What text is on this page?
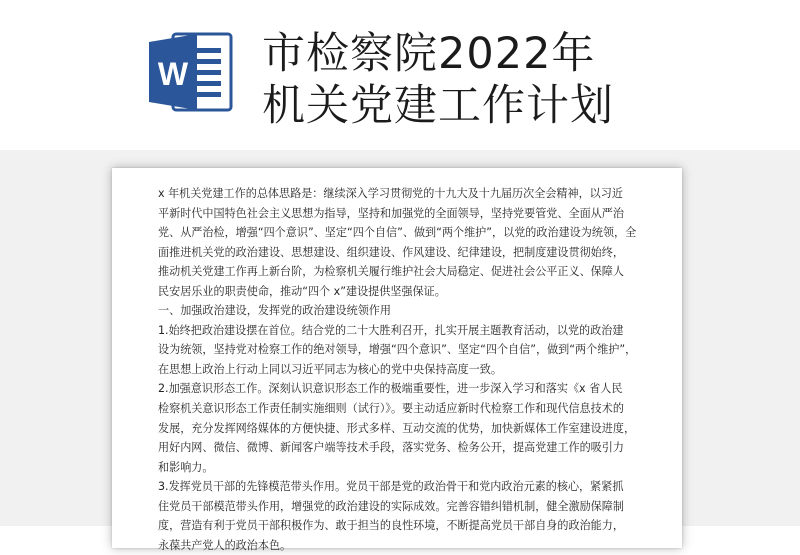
W 市检察院2022年
机关党建工作计划

x 年机关党建工作的总体思路是：继续深入学习贯彻党的十九大及十九届历次全会精神，以习近

平新时代中国特色社会主义思想为指导，坚持和加强党的全面领导，坚持党要管党、全面从严治

党、从严治检，增强“四个意识”、坚定“四个自信”、做到“两个维护”，以党的政治建设为统领，全

面推进机关党的政治建设、思想建设、组织建设、作风建设、纪律建设，把制度建设贯彻始终，

推动机关党建工作再上新台阶，为检察机关履行维护社会大局稳定、促进社会公平正义、保障人

民安居乐业的职责使命，推动“四个 x”建设提供坚强保证。

一、加强政治建设，发挥党的政治建设统领作用

1.始终把政治建设摆在首位。结合党的二十大胜利召开，扎实开展主题教育活动，以党的政治建

设为统领，坚持党对检察工作的绝对领导，增强“四个意识”、坚定“四个自信”，做到“两个维护”，

在思想上政治上行动上同以习近平同志为核心的党中央保持高度一致。

2.加强意识形态工作。深刻认识意识形态工作的极端重要性，进一步深入学习和落实《x 省人民

检察机关意识形态工作责任制实施细则（试行）》。要主动适应新时代检察工作和现代信息技术的

发展，充分发挥网络媒体的方便快捷、形式多样、互动交流的优势，加快新媒体工作室建设进度，

用好内网、微信、微博、新闻客户端等技术手段，落实党务、检务公开，提高党建工作的吸引力

和影响力。

3.发挥党员干部的先锋模范带头作用。党员干部是党的政治骨干和党内政治元素的核心，紧紧抓

住党员干部模范带头作用，增强党的政治建设的实际成效。完善容错纠错机制，健全激励保障制

度，营造有利于党员干部积极作为、敢于担当的良性环境，不断提高党员干部自身的政治能力，

永葆共产党人的政治本色。
